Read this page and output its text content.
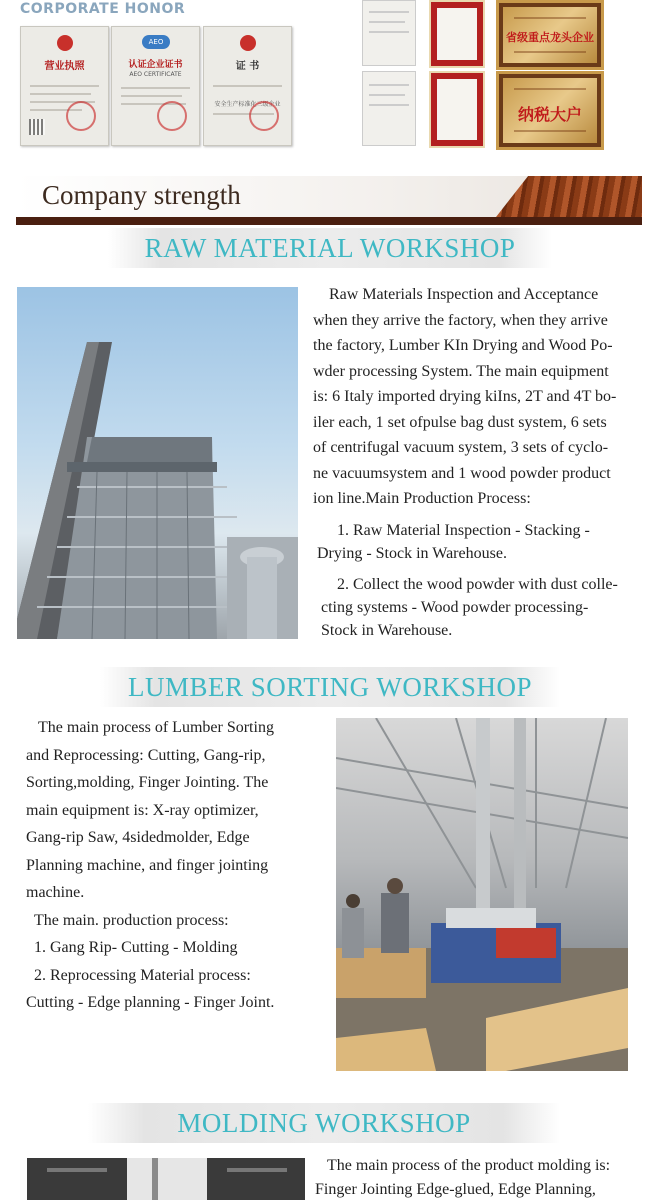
CORPORATE HONOR
营业执照
AEO
认证企业证书
AEO CERTIFICATE
证 书
安全生产标准化三级企业
省级重点龙头企业
纳税大户
Company strength
RAW MATERIAL WORKSHOP
Raw Materials Inspection and Acceptance
when they arrive the factory, when they arrive
the factory, Lumber KIn Drying and Wood Po-
wder processing System. The main equipment
is: 6 Italy imported drying kiIns, 2T and 4T bo-
iler each, 1 set ofpulse bag dust system, 6 sets
of centrifugal vacuum system, 3 sets of cyclo-
ne vacuumsystem and 1 wood powder product
ion line.Main Production Process:
1. Raw Material Inspection - Stacking -
Drying - Stock in Warehouse.
2. Collect the wood powder with dust colle-
cting systems - Wood powder processing-
Stock in Warehouse.
LUMBER SORTING WORKSHOP
The main process of Lumber Sorting
and Reprocessing: Cutting, Gang-rip,
Sorting,molding, Finger Jointing. The
main equipment is: X-ray optimizer,
Gang-rip Saw, 4sidedmolder, Edge
Planning machine, and finger jointing
machine.
The main. production process:
1. Gang Rip- Cutting - Molding
2. Reprocessing Material process:
Cutting - Edge planning - Finger Joint.
MOLDING WORKSHOP
The main process of the product molding is:
Finger Jointing Edge-glued, Edge Planning,
